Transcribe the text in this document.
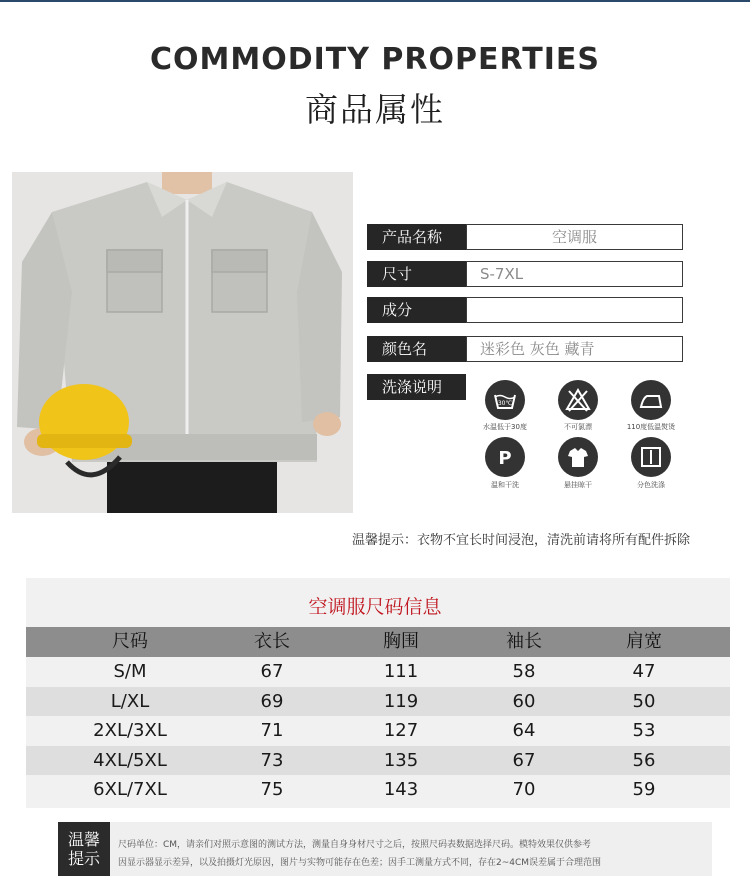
COMMODITY PROPERTIES
商品属性
产品名称	空调服
尺寸	S-7XL
成分
颜色名	迷彩色 灰色 藏青
洗涤说明
30℃
水温低于30度	不可氯漂	110度低温熨烫
P
温和干洗	悬挂晾干	分色洗涤
温馨提示：衣物不宜长时间浸泡，清洗前请将所有配件拆除
空调服尺码信息
尺码	衣长	胸围	袖长	肩宽
S/M	67	111	58	47
L/XL	69	119	60	50
2XL/3XL	71	127	64	53
4XL/5XL	73	135	67	56
6XL/7XL	75	143	70	59
温馨
提示
尺码单位：CM，请亲们对照示意图的测试方法，测量自身身材尺寸之后，按照尺码表数据选择尺码。模特效果仅供参考
因显示器显示差异，以及拍摄灯光原因，图片与实物可能存在色差；因手工测量方式不同，存在2~4CM误差属于合理范围
